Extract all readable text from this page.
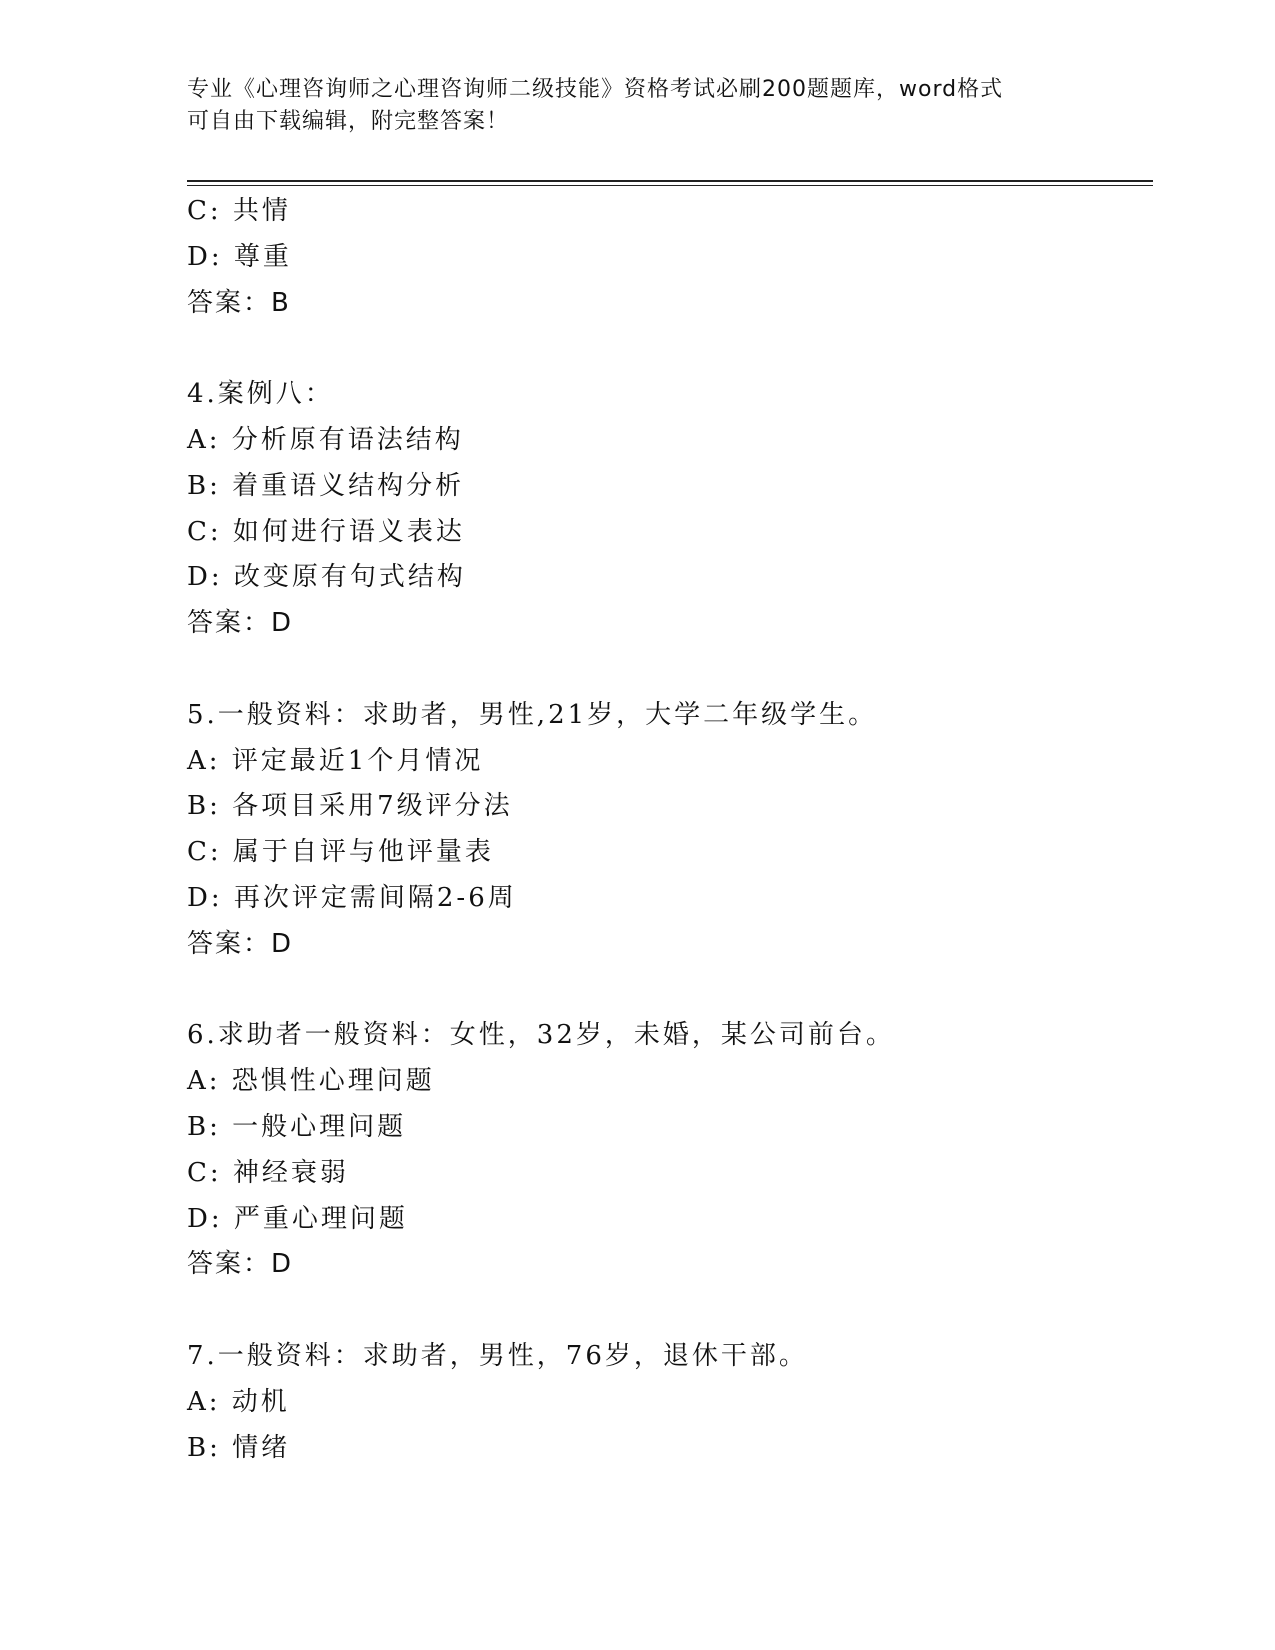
专业《心理咨询师之心理咨询师二级技能》资格考试必刷200题题库，word格式
可自由下载编辑，附完整答案！
C: 共情
D: 尊重
答案：B
4.案例八：
A: 分析原有语法结构
B: 着重语义结构分析
C: 如何进行语义表达
D: 改变原有句式结构
答案：D
5.一般资料：求助者，男性,21岁，大学二年级学生。
A: 评定最近1个月情况
B: 各项目采用7级评分法
C: 属于自评与他评量表
D: 再次评定需间隔2-6周
答案：D
6.求助者一般资料：女性，32岁，未婚，某公司前台。
A: 恐惧性心理问题
B: 一般心理问题
C: 神经衰弱
D: 严重心理问题
答案：D
7.一般资料：求助者，男性，76岁，退休干部。
A: 动机
B: 情绪
